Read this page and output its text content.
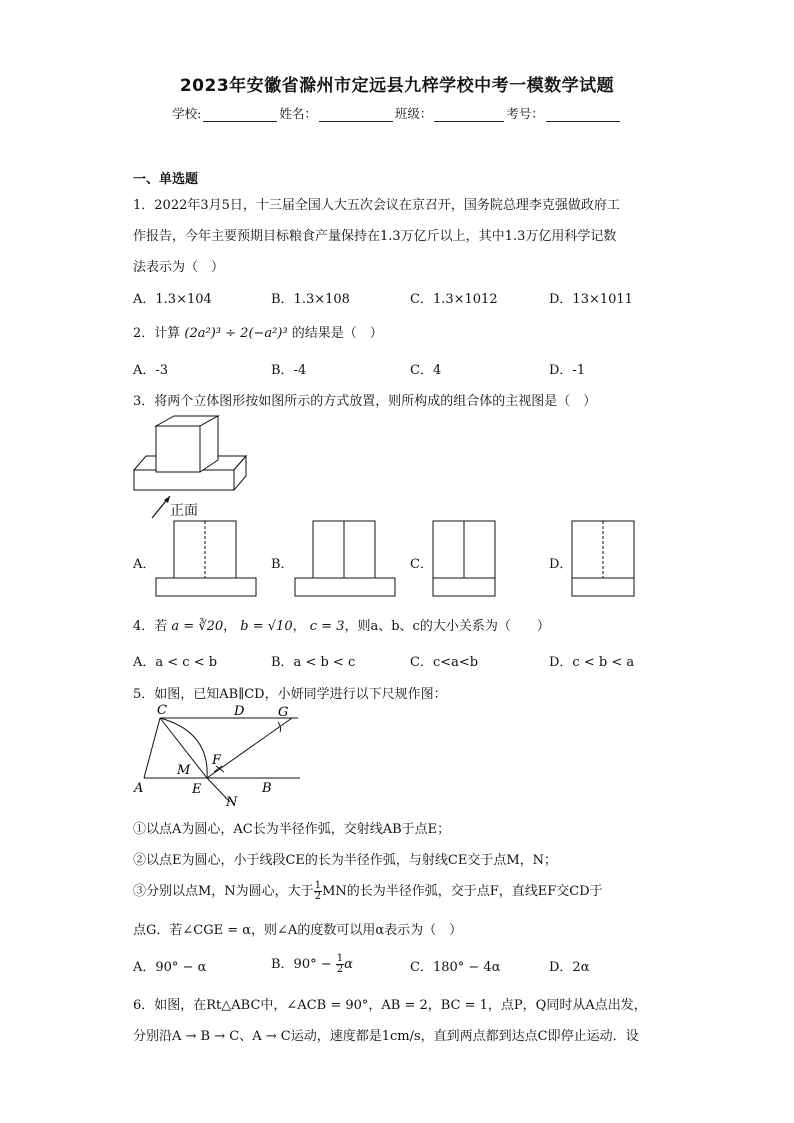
2023年安徽省滁州市定远县九梓学校中考一模数学试题
学校:	姓名：	班级：	考号：
一、单选题
1．2022年3月5日，十三届全国人大五次会议在京召开，国务院总理李克强做政府工
作报告，今年主要预期目标粮食产量保持在1.3万亿斤以上，其中1.3万亿用科学记数
法表示为（　）
A．1.3×104	B．1.3×108	C．1.3×1012	D．13×1011
2．计算 (2a²)³ ÷ 2(−a²)³ 的结果是（　）
A．-3	B．-4	C．4	D．-1
3．将两个立体图形按如图所示的方式放置，则所构成的组合体的主视图是（　）
正面
A．	B．	C．	D．
4．若 a = ∛20， b = √10， c = 3，则a、b、c的大小关系为（　　）
A．a < c < b	B．a < b < c	C．c<a<b	D．c < b < a
5．如图，已知AB∥CD，小妍同学进行以下尺规作图：
C	D	G
F
M
A	E
N
B
①以点A为圆心，AC长为半径作弧，交射线AB于点E；
②以点E为圆心，小于线段CE的长为半径作弧，与射线CE交于点M，N；
③分别以点M，N为圆心，大于 $\frac{1}{2}$ MN的长为半径作弧，交于点F，直线EF交CD于
点G．若∠CGE = α，则∠A的度数可以用α表示为（　）
A．90° − α	B．$90^\circ - \frac{1}{2}$ α	C．180° − 4α	D．2α
6．如图，在Rt△ABC中，∠ACB = 90°，AB = 2，BC = 1，点P，Q同时从A点出发，
分别沿A → B → C、A → C运动，速度都是1cm/s，直到两点都到达点C即停止运动．设
